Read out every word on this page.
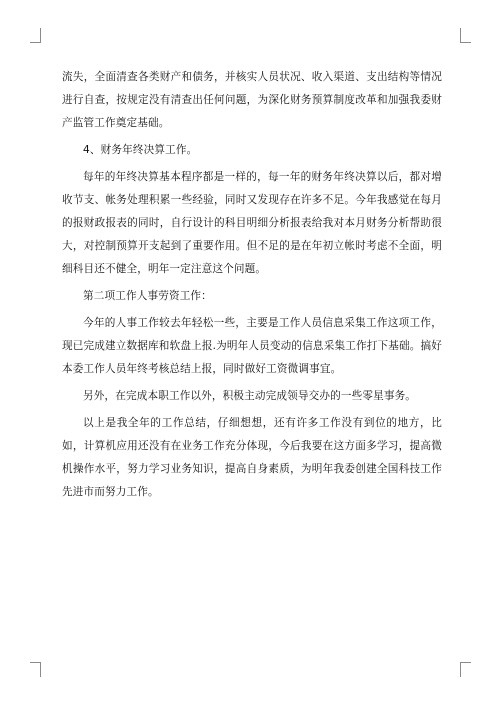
流失，全面清查各类财产和债务，并核实人员状况、收入渠道、支出结构等情况进行自查，按规定没有清查出任何问题，为深化财务预算制度改革和加强我委财产监管工作奠定基础。

4、财务年终决算工作。

每年的年终决算基本程序都是一样的，每一年的财务年终决算以后，都对增收节支、帐务处理积累一些经验，同时又发现存在许多不足。今年我感觉在每月的报财政报表的同时，自行设计的科目明细分析报表给我对本月财务分析帮助很大，对控制预算开支起到了重要作用。但不足的是在年初立帐时考虑不全面，明细科目还不健全，明年一定注意这个问题。

第二项工作人事劳资工作：

今年的人事工作较去年轻松一些，主要是工作人员信息采集工作这项工作，现已完成建立数据库和软盘上报.为明年人员变动的信息采集工作打下基础。搞好本委工作人员年终考核总结上报，同时做好工资微调事宜。

另外，在完成本职工作以外，积极主动完成领导交办的一些零星事务。

以上是我全年的工作总结，仔细想想，还有许多工作没有到位的地方，比如，计算机应用还没有在业务工作充分体现，今后我要在这方面多学习，提高微机操作水平，努力学习业务知识，提高自身素质，为明年我委创建全国科技工作先进市而努力工作。
